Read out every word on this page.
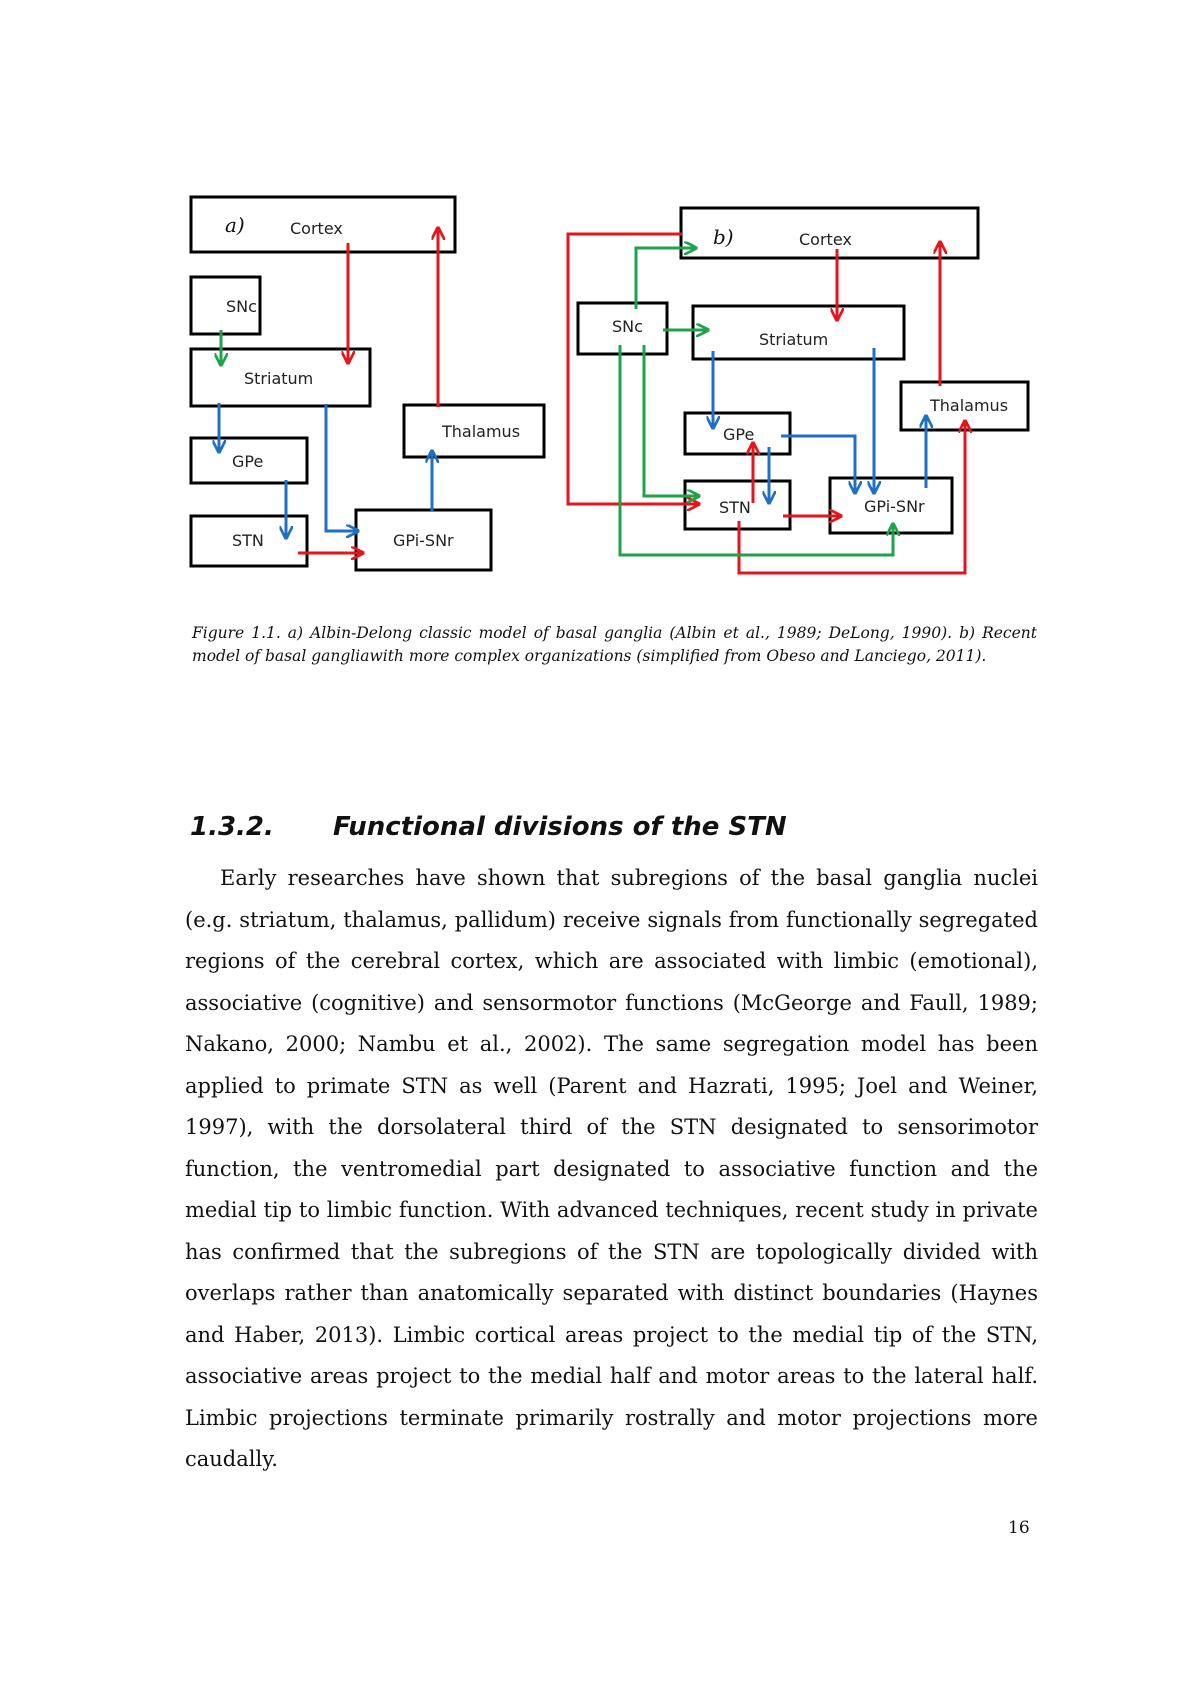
a)	Cortex
SNc
Striatum
GPe
Thalamus
STN	GPi-SNr
b)	Cortex
SNc
Striatum
Thalamus
GPe
STN	GPi-SNr
Figure 1.1. a) Albin-Delong classic model of basal ganglia (Albin et al., 1989; DeLong, 1990). b) Recent model of basal gangliawith more complex organizations (simplified from Obeso and Lanciego, 2011).
1.3.2. Functional divisions of the STN
Early researches have shown that subregions of the basal ganglia nuclei (e.g. striatum, thalamus, pallidum) receive signals from functionally segregated regions of the cerebral cortex, which are associated with limbic (emotional), associative (cognitive) and sensormotor functions (McGeorge and Faull, 1989; Nakano, 2000; Nambu et al., 2002). The same segregation model has been applied to primate STN as well (Parent and Hazrati, 1995; Joel and Weiner, 1997), with the dorsolateral third of the STN designated to sensorimotor function, the ventromedial part designated to associative function and the medial tip to limbic function. With advanced techniques, recent study in private has confirmed that the subregions of the STN are topologically divided with overlaps rather than anatomically separated with distinct boundaries (Haynes and Haber, 2013). Limbic cortical areas project to the medial tip of the STN, associative areas project to the medial half and motor areas to the lateral half. Limbic projections terminate primarily rostrally and motor projections more caudally.
16
